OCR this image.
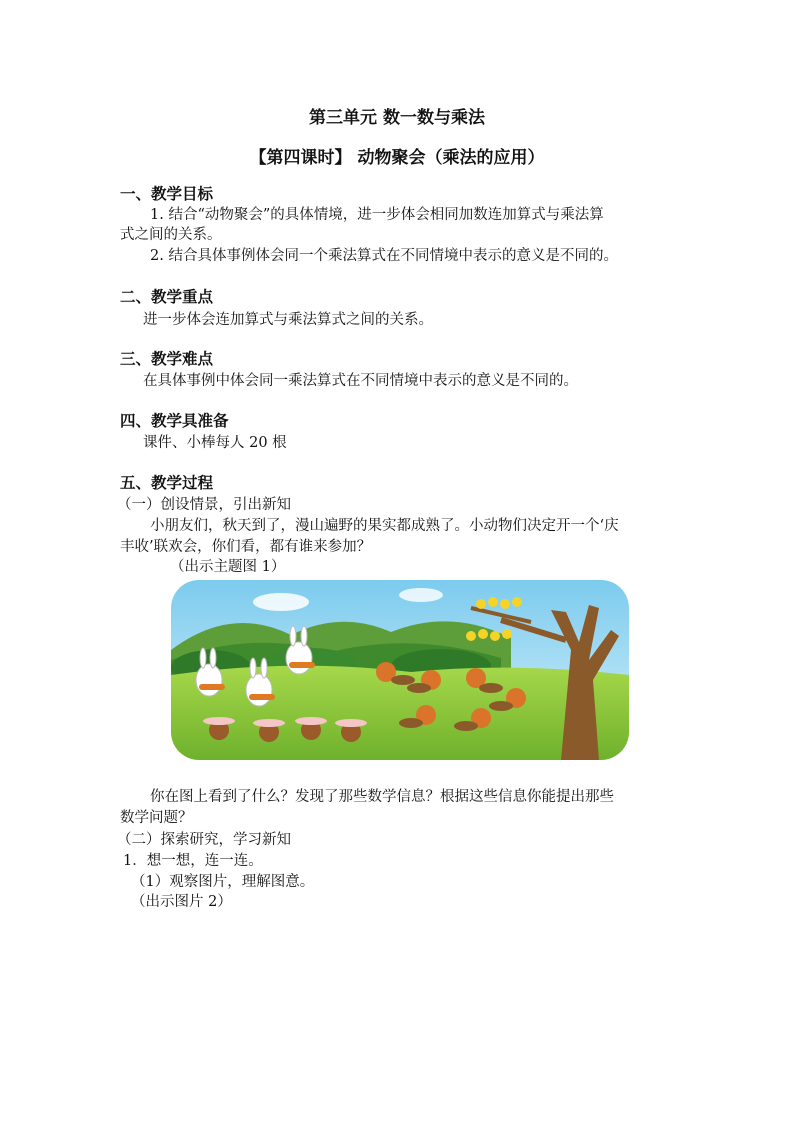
第三单元 数一数与乘法
【第四课时】 动物聚会（乘法的应用）
一、教学目标
1. 结合“动物聚会”的具体情境，进一步体会相同加数连加算式与乘法算
式之间的关系。
2. 结合具体事例体会同一个乘法算式在不同情境中表示的意义是不同的。
二、教学重点
进一步体会连加算式与乘法算式之间的关系。
三、教学难点
在具体事例中体会同一乘法算式在不同情境中表示的意义是不同的。
四、教学具准备
课件、小棒每人 20 根
五、教学过程
（一）创设情景，引出新知
小朋友们，秋天到了，漫山遍野的果实都成熟了。小动物们决定开一个‘庆
丰收’联欢会，你们看，都有谁来参加？
（出示主题图 1）
你在图上看到了什么？发现了那些数学信息？根据这些信息你能提出那些
数学问题？
（二）探索研究，学习新知
1．想一想，连一连。
（1）观察图片，理解图意。
（出示图片 2）
